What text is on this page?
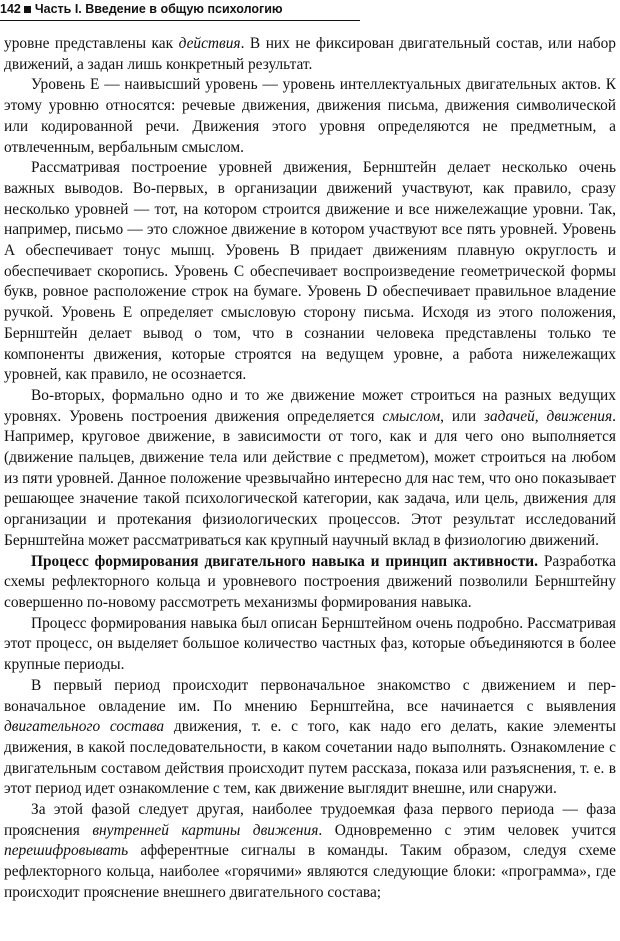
142 Часть I. Введение в общую психологию

уровне представлены как действия. В них не фиксирован двигательный состав, или набор движений, а задан лишь конкретный результат.

Уровень Е — наивысший уровень — уровень интеллектуальных двигательных актов. К этому уровню относятся: речевые движения, движения письма, движения символической или кодированной речи. Движения этого уровня определяются не предметным, а отвлеченным, вербальным смыслом.

Рассматривая построение уровней движения, Бернштейн делает несколько очень важных выводов. Во-первых, в организации движений участвуют, как правило, сразу несколько уровней — тот, на котором строится движение и все нижележащие уровни. Так, например, письмо — это сложное движение в котором участвуют все пять уровней. Уровень А обеспечивает тонус мышц. Уровень В придает движениям плавную округлость и обеспечивает скоропись. Уровень С обеспечивает воспроизведение геометрической формы букв, ровное расположение строк на бумаге. Уровень D обеспечивает правильное владение ручкой. Уровень Е определяет смысловую сторону письма. Исходя из этого положения, Бернштейн делает вывод о том, что в сознании человека представлены только те компоненты движения, которые строятся на ведущем уровне, а работа нижележащих уровней, как правило, не осознается.

Во-вторых, формально одно и то же движение может строиться на разных ведущих уровнях. Уровень построения движения определяется смыслом, или задачей, движения. Например, круговое движение, в зависимости от того, как и для чего оно выполняется (движение пальцев, движение тела или действие с предметом), может строиться на любом из пяти уровней. Данное положение чрезвычайно интересно для нас тем, что оно показывает решающее значение такой психологической категории, как задача, или цель, движения для организации и протекания физиологических процессов. Этот результат исследований Бернштейна может рассматриваться как крупный научный вклад в физиологию движений.

Процесс формирования двигательного навыка и принцип активности. Разработка схемы рефлекторного кольца и уровневого построения движений позволили Бернштейну совершенно по-новому рассмотреть механизмы формирования навыка.

Процесс формирования навыка был описан Бернштейном очень подробно. Рассматривая этот процесс, он выделяет большое количество частных фаз, которые объединяются в более крупные периоды.

В первый период происходит первоначальное знакомство с движением и первоначальное овладение им. По мнению Бернштейна, все начинается с выявления двигательного состава движения, т. е. с того, как надо его делать, какие элементы движения, в какой последовательности, в каком сочетании надо выполнять. Ознакомление с двигательным составом действия происходит путем рассказа, показа или разъяснения, т. е. в этот период идет ознакомление с тем, как движение выглядит внешне, или снаружи.

За этой фазой следует другая, наиболее трудоемкая фаза первого периода — фаза прояснения внутренней картины движения. Одновременно с этим человек учится перешифровывать афферентные сигналы в команды. Таким образом, следуя схеме рефлекторного кольца, наиболее «горячими» являются следующие блоки: «программа», где происходит прояснение внешнего двигательного состава;
